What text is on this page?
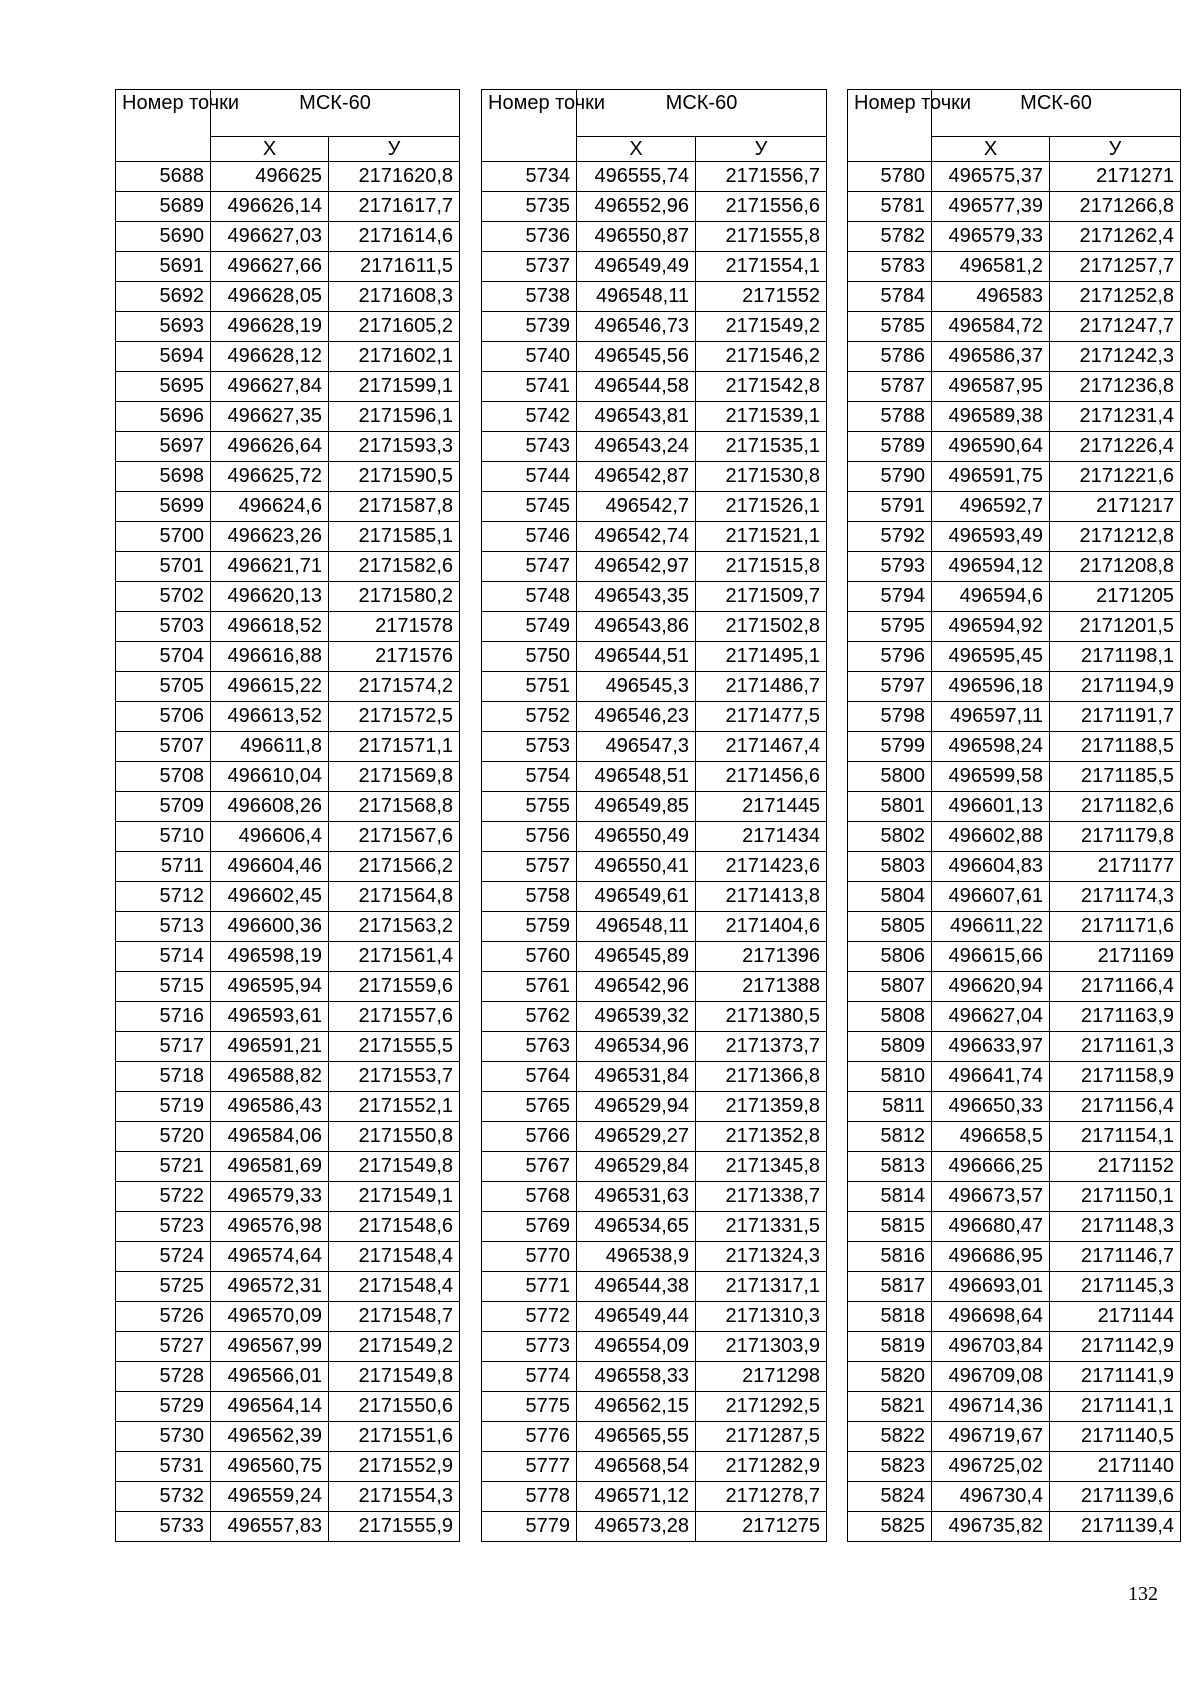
Номер точки	МСК-60	
	Х	У
5688	496625	2171620,8
5689	496626,14	2171617,7
5690	496627,03	2171614,6
5691	496627,66	2171611,5
5692	496628,05	2171608,3
5693	496628,19	2171605,2
5694	496628,12	2171602,1
5695	496627,84	2171599,1
5696	496627,35	2171596,1
5697	496626,64	2171593,3
5698	496625,72	2171590,5
5699	496624,6	2171587,8
5700	496623,26	2171585,1
5701	496621,71	2171582,6
5702	496620,13	2171580,2
5703	496618,52	2171578
5704	496616,88	2171576
5705	496615,22	2171574,2
5706	496613,52	2171572,5
5707	496611,8	2171571,1
5708	496610,04	2171569,8
5709	496608,26	2171568,8
5710	496606,4	2171567,6
5711	496604,46	2171566,2
5712	496602,45	2171564,8
5713	496600,36	2171563,2
5714	496598,19	2171561,4
5715	496595,94	2171559,6
5716	496593,61	2171557,6
5717	496591,21	2171555,5
5718	496588,82	2171553,7
5719	496586,43	2171552,1
5720	496584,06	2171550,8
5721	496581,69	2171549,8
5722	496579,33	2171549,1
5723	496576,98	2171548,6
5724	496574,64	2171548,4
5725	496572,31	2171548,4
5726	496570,09	2171548,7
5727	496567,99	2171549,2
5728	496566,01	2171549,8
5729	496564,14	2171550,6
5730	496562,39	2171551,6
5731	496560,75	2171552,9
5732	496559,24	2171554,3
5733	496557,83	2171555,9
Номер точки	МСК-60	
	Х	У
5734	496555,74	2171556,7
5735	496552,96	2171556,6
5736	496550,87	2171555,8
5737	496549,49	2171554,1
5738	496548,11	2171552
5739	496546,73	2171549,2
5740	496545,56	2171546,2
5741	496544,58	2171542,8
5742	496543,81	2171539,1
5743	496543,24	2171535,1
5744	496542,87	2171530,8
5745	496542,7	2171526,1
5746	496542,74	2171521,1
5747	496542,97	2171515,8
5748	496543,35	2171509,7
5749	496543,86	2171502,8
5750	496544,51	2171495,1
5751	496545,3	2171486,7
5752	496546,23	2171477,5
5753	496547,3	2171467,4
5754	496548,51	2171456,6
5755	496549,85	2171445
5756	496550,49	2171434
5757	496550,41	2171423,6
5758	496549,61	2171413,8
5759	496548,11	2171404,6
5760	496545,89	2171396
5761	496542,96	2171388
5762	496539,32	2171380,5
5763	496534,96	2171373,7
5764	496531,84	2171366,8
5765	496529,94	2171359,8
5766	496529,27	2171352,8
5767	496529,84	2171345,8
5768	496531,63	2171338,7
5769	496534,65	2171331,5
5770	496538,9	2171324,3
5771	496544,38	2171317,1
5772	496549,44	2171310,3
5773	496554,09	2171303,9
5774	496558,33	2171298
5775	496562,15	2171292,5
5776	496565,55	2171287,5
5777	496568,54	2171282,9
5778	496571,12	2171278,7
5779	496573,28	2171275
Номер точки	МСК-60	
	Х	У
5780	496575,37	2171271
5781	496577,39	2171266,8
5782	496579,33	2171262,4
5783	496581,2	2171257,7
5784	496583	2171252,8
5785	496584,72	2171247,7
5786	496586,37	2171242,3
5787	496587,95	2171236,8
5788	496589,38	2171231,4
5789	496590,64	2171226,4
5790	496591,75	2171221,6
5791	496592,7	2171217
5792	496593,49	2171212,8
5793	496594,12	2171208,8
5794	496594,6	2171205
5795	496594,92	2171201,5
5796	496595,45	2171198,1
5797	496596,18	2171194,9
5798	496597,11	2171191,7
5799	496598,24	2171188,5
5800	496599,58	2171185,5
5801	496601,13	2171182,6
5802	496602,88	2171179,8
5803	496604,83	2171177
5804	496607,61	2171174,3
5805	496611,22	2171171,6
5806	496615,66	2171169
5807	496620,94	2171166,4
5808	496627,04	2171163,9
5809	496633,97	2171161,3
5810	496641,74	2171158,9
5811	496650,33	2171156,4
5812	496658,5	2171154,1
5813	496666,25	2171152
5814	496673,57	2171150,1
5815	496680,47	2171148,3
5816	496686,95	2171146,7
5817	496693,01	2171145,3
5818	496698,64	2171144
5819	496703,84	2171142,9
5820	496709,08	2171141,9
5821	496714,36	2171141,1
5822	496719,67	2171140,5
5823	496725,02	2171140
5824	496730,4	2171139,6
5825	496735,82	2171139,4
132
